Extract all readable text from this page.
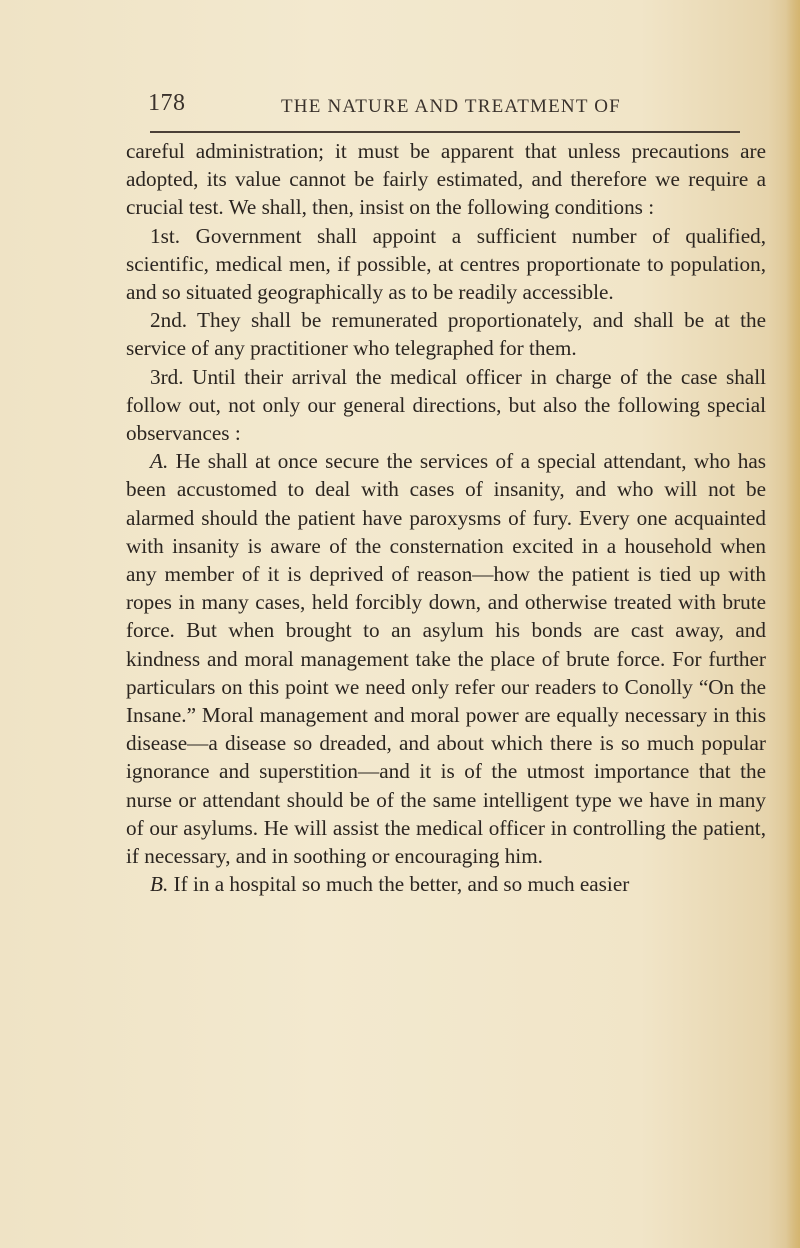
178	THE NATURE AND TREATMENT OF

careful administration; it must be apparent that unless precautions are adopted, its value cannot be fairly estimated, and therefore we require a crucial test. We shall, then, insist on the following conditions :

1st. Government shall appoint a sufficient number of qualified, scientific, medical men, if possible, at centres proportionate to population, and so situated geographically as to be readily accessible.

2nd. They shall be remunerated proportionately, and shall be at the service of any practitioner who telegraphed for them.

3rd. Until their arrival the medical officer in charge of the case shall follow out, not only our general directions, but also the following special observances :

A. He shall at once secure the services of a special attendant, who has been accustomed to deal with cases of insanity, and who will not be alarmed should the patient have paroxysms of fury. Every one acquainted with insanity is aware of the consternation excited in a household when any member of it is deprived of reason—how the patient is tied up with ropes in many cases, held forcibly down, and otherwise treated with brute force. But when brought to an asylum his bonds are cast away, and kindness and moral management take the place of brute force. For further particulars on this point we need only refer our readers to Conolly “On the Insane.” Moral management and moral power are equally necessary in this disease—a disease so dreaded, and about which there is so much popular ignorance and superstition—and it is of the utmost importance that the nurse or attendant should be of the same intelligent type we have in many of our asylums. He will assist the medical officer in controlling the patient, if necessary, and in soothing or encouraging him.

B. If in a hospital so much the better, and so much easier
